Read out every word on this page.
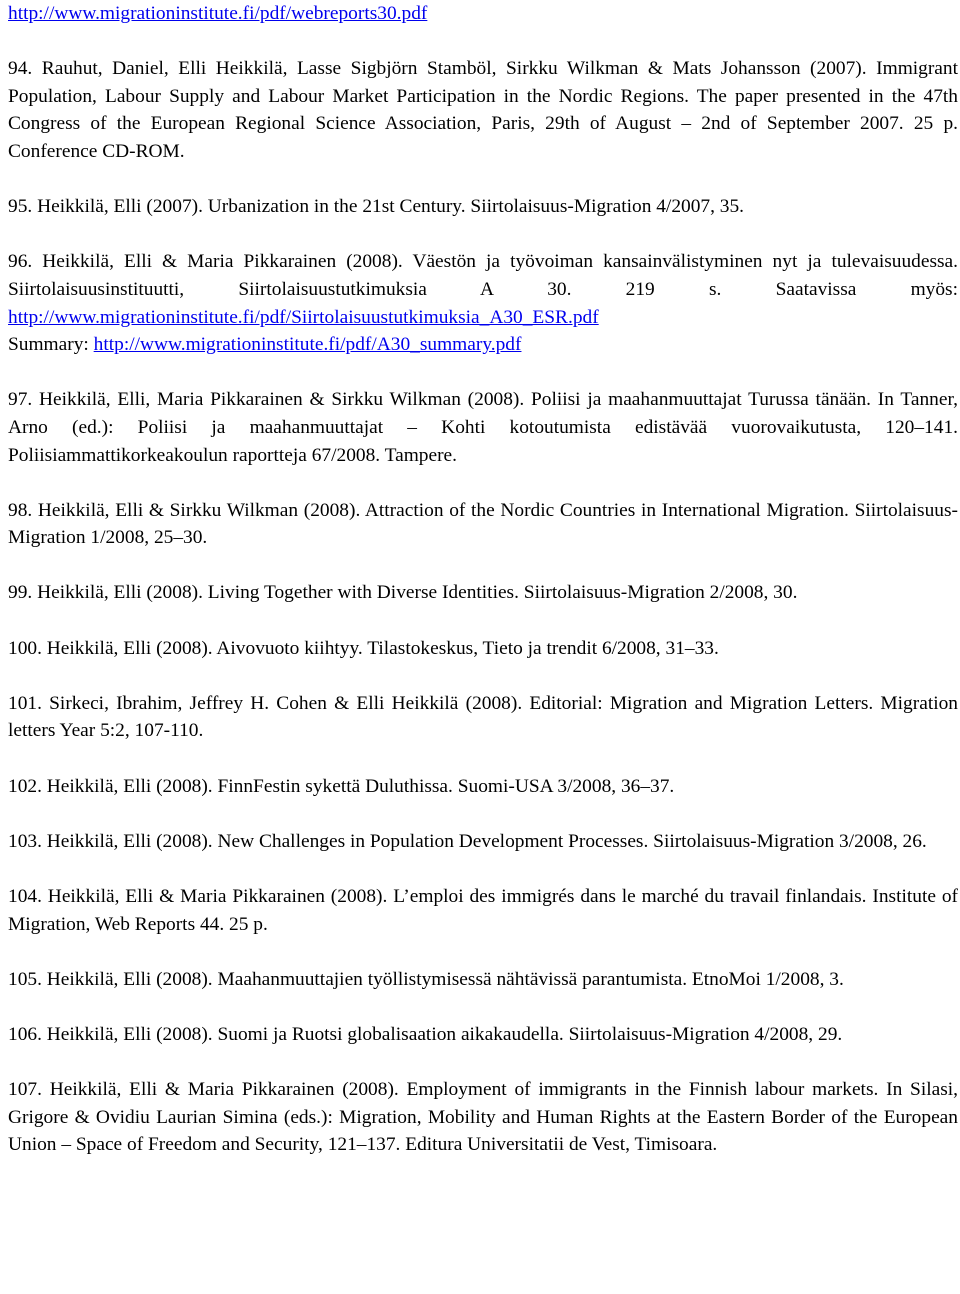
http://www.migrationinstitute.fi/pdf/webreports30.pdf

94. Rauhut, Daniel, Elli Heikkilä, Lasse Sigbjörn Stamböl, Sirkku Wilkman & Mats Johansson (2007). Immigrant Population, Labour Supply and Labour Market Participation in the Nordic Regions. The paper presented in the 47th Congress of the European Regional Science Association, Paris, 29th of August – 2nd of September 2007. 25 p. Conference CD-ROM.

95. Heikkilä, Elli (2007). Urbanization in the 21st Century. Siirtolaisuus-Migration 4/2007, 35.

96. Heikkilä, Elli & Maria Pikkarainen (2008). Väestön ja työvoiman kansainvälistyminen nyt ja tulevaisuudessa. Siirtolaisuusinstituutti, Siirtolaisuustutkimuksia A 30. 219 s. Saatavissa myös: http://www.migrationinstitute.fi/pdf/Siirtolaisuustutkimuksia_A30_ESR.pdf
Summary: http://www.migrationinstitute.fi/pdf/A30_summary.pdf

97. Heikkilä, Elli, Maria Pikkarainen & Sirkku Wilkman (2008). Poliisi ja maahanmuuttajat Turussa tänään. In Tanner, Arno (ed.): Poliisi ja maahanmuuttajat – Kohti kotoutumista edistävää vuorovaikutusta, 120–141. Poliisiammattikorkeakoulun raportteja 67/2008. Tampere.

98. Heikkilä, Elli & Sirkku Wilkman (2008). Attraction of the Nordic Countries in International Migration. Siirtolaisuus-Migration 1/2008, 25–30.

99. Heikkilä, Elli (2008). Living Together with Diverse Identities. Siirtolaisuus-Migration 2/2008, 30.

100. Heikkilä, Elli (2008). Aivovuoto kiihtyy. Tilastokeskus, Tieto ja trendit 6/2008, 31–33.

101. Sirkeci, Ibrahim, Jeffrey H. Cohen & Elli Heikkilä (2008). Editorial: Migration and Migration Letters. Migration letters Year 5:2, 107-110.

102. Heikkilä, Elli (2008). FinnFestin sykettä Duluthissa. Suomi-USA 3/2008, 36–37.

103. Heikkilä, Elli (2008). New Challenges in Population Development Processes. Siirtolaisuus-Migration 3/2008, 26.

104. Heikkilä, Elli & Maria Pikkarainen (2008). L’emploi des immigrés dans le marché du travail finlandais. Institute of Migration, Web Reports 44. 25 p.

105. Heikkilä, Elli (2008). Maahanmuuttajien työllistymisessä nähtävissä parantumista. EtnoMoi 1/2008, 3.

106. Heikkilä, Elli (2008). Suomi ja Ruotsi globalisaation aikakaudella. Siirtolaisuus-Migration 4/2008, 29.

107. Heikkilä, Elli & Maria Pikkarainen (2008). Employment of immigrants in the Finnish labour markets. In Silasi, Grigore & Ovidiu Laurian Simina (eds.): Migration, Mobility and Human Rights at the Eastern Border of the European Union – Space of Freedom and Security, 121–137. Editura Universitatii de Vest, Timisoara.
